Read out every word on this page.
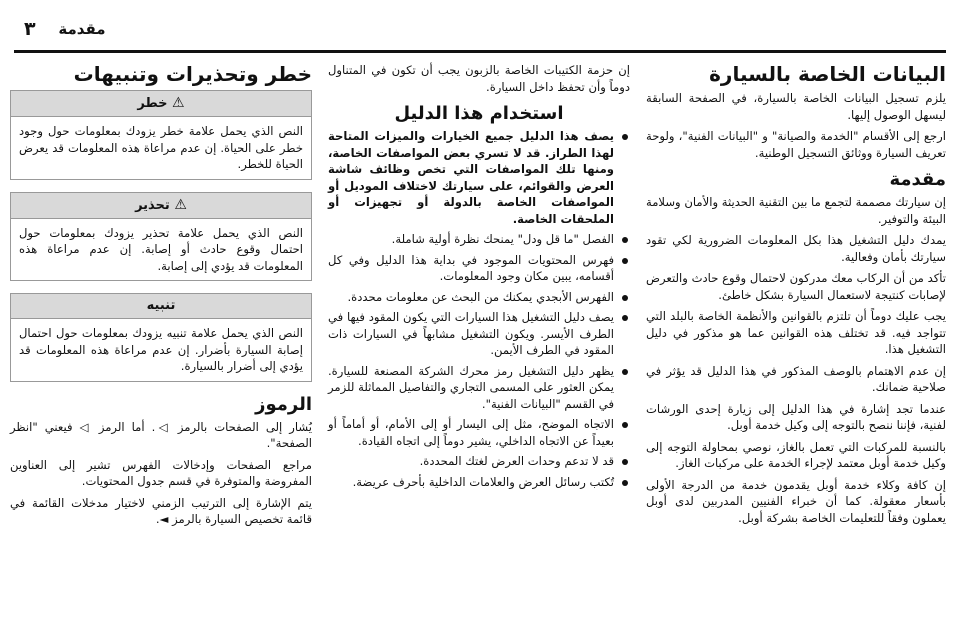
مقدمة
٣
البيانات الخاصة بالسيارة

يلزم تسجيل البيانات الخاصة بالسيارة، في الصفحة السابقة ليسهل الوصول إليها.

ارجع إلى الأقسام "الخدمة والصيانة" و "البيانات الفنية"، ولوحة تعريف السيارة ووثائق التسجيل الوطنية.

مقدمة

إن سيارتك مصممة لتجمع ما بين التقنية الحديثة والأمان وسلامة البيئة والتوفير.

يمدك دليل التشغيل هذا بكل المعلومات الضرورية لكي تقود سيارتك بأمان وفعالية.

تأكد من أن الركاب معك مدركون لاحتمال وقوع حادث والتعرض لإصابات كنتيجة لاستعمال السيارة بشكل خاطئ.

يجب عليك دوماً أن تلتزم بالقوانين والأنظمة الخاصة بالبلد التي تتواجد فيه. قد تختلف هذه القوانين عما هو مذكور في دليل التشغيل هذا.

إن عدم الاهتمام بالوصف المذكور في هذا الدليل قد يؤثر في صلاحية ضمانك.

عندما تجد إشارة في هذا الدليل إلى زيارة إحدى الورشات لفنية، فإننا ننصح بالتوجه إلى وكيل خدمة أوبل.

بالنسبة للمركبات التي تعمل بالغاز، نوصي بمحاولة التوجه إلى وكيل خدمة أوبل معتمد لإجراء الخدمة على مركبات الغاز.

إن كافة وكلاء خدمة أوبل يقدمون خدمة من الدرجة الأولى بأسعار معقولة. كما أن خبراء الفنيين المدربين لدى أوبل يعملون وفقاً للتعليمات الخاصة بشركة أوبل.

إن حزمة الكتيبات الخاصة بالزبون يجب أن تكون في المتناول دوماً وأن تحفظ داخل السيارة.

استخدام هذا الدليل
يصف هذا الدليل جميع الخيارات والميزات المتاحة لهذا الطراز. قد لا تسري بعض المواصفات الخاصة، ومنها تلك المواصفات التي تخص وظائف شاشة العرض والقوائم، على سيارتك لاختلاف الموديل أو المواصفات الخاصة بالدولة أو تجهيزات أو الملحقات الخاصة.
الفصل "ما قل ودل" يمنحك نظرة أولية شاملة.
فهرس المحتويات الموجود في بداية هذا الدليل وفي كل أقسامه، يبين مكان وجود المعلومات.
الفهرس الأبجدي يمكنك من البحث عن معلومات محددة.
يصف دليل التشغيل هذا السيارات التي يكون المقود فيها في الطرف الأيسر. ويكون التشغيل مشابهاً في السيارات ذات المقود في الطرف الأيمن.
يظهر دليل التشغيل رمز محرك الشركة المصنعة للسيارة. يمكن العثور على المسمى التجاري والتفاصيل المماثلة للزمر في القسم "البيانات الفنية".
الاتجاه الموضح، مثل إلى اليسار أو إلى الأمام، أو أماماً أو بعيداً عن الاتجاه الداخلي، يشير دوماً إلى اتجاه القيادة.
قد لا تدعم وحدات العرض لغتك المحددة.
تُكتب رسائل العرض والعلامات الداخلية بأحرف عريضة.
خطر وتحذيرات وتنبيهات
⚠ خطر

النص الذي يحمل علامة خطر يزودك بمعلومات حول وجود خطر على الحياة. إن عدم مراعاة هذه المعلومات قد يعرض الحياة للخطر.

⚠ تحذير

النص الذي يحمل علامة تحذير يزودك بمعلومات حول احتمال وقوع حادث أو إصابة. إن عدم مراعاة هذه المعلومات قد يؤدي إلى إصابة.

تنبيه

النص الذي يحمل علامة تنبيه يزودك بمعلومات حول احتمال إصابة السيارة بأضرار. إن عدم مراعاة هذه المعلومات قد يؤدي إلى أضرار بالسيارة.

الرموز

يُشار إلى الصفحات بالرمز ◁. أما الرمز ◁ فيعني "انظر الصفحة".

مراجع الصفحات وإدخالات الفهرس تشير إلى العناوين المفروضة والمتوفرة في قسم جدول المحتويات.

يتم الإشارة إلى الترتيب الزمني لاختيار مدخلات القائمة في قائمة تخصيص السيارة بالرمز ◄.
